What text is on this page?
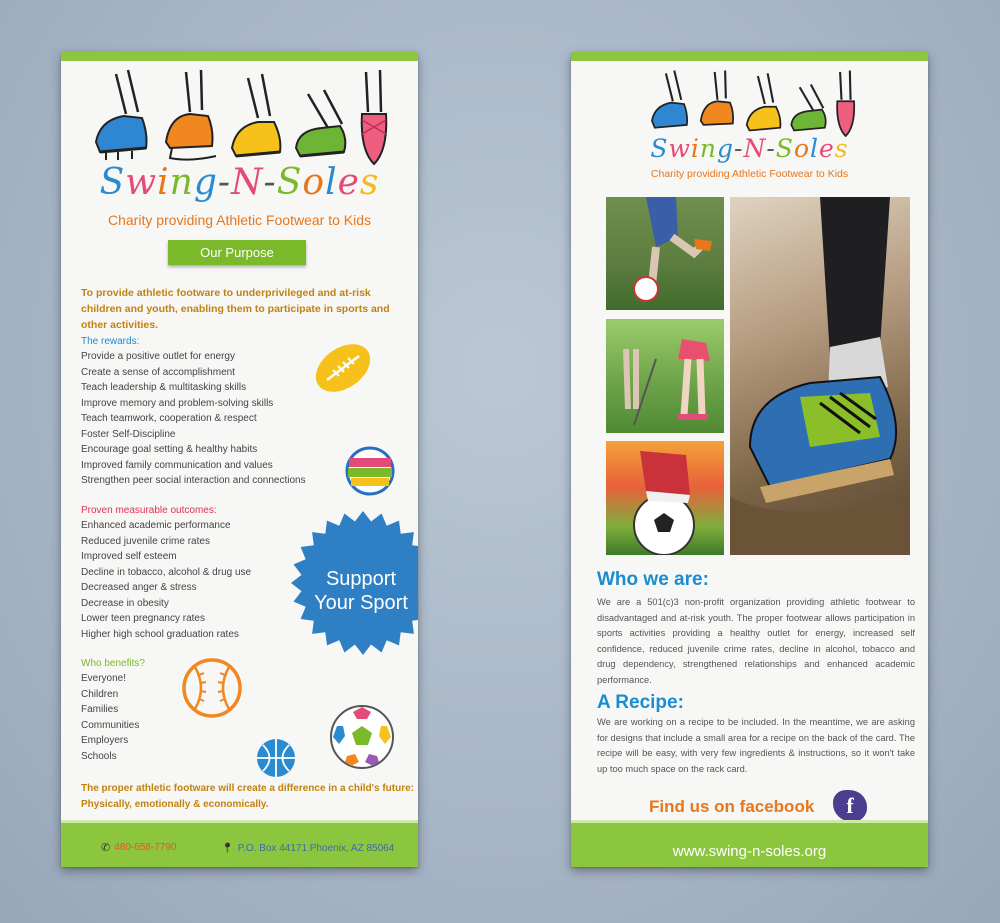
Swing-N-Soles
Charity providing Athletic Footwear to Kids
Our Purpose
To provide athletic footware to underprivileged and at-risk children and youth, enabling them to participate in sports and other activities.
The rewards:
Provide a positive outlet for energy
Create a sense of accomplishment
Teach leadership & multitasking skills
Improve memory and problem-solving skills
Teach teamwork, cooperation & respect
Foster Self-Discipline
Encourage goal setting & healthy habits
Improved family communication and values
Strengthen peer social interaction and connections
Proven measurable outcomes:
Enhanced academic performance
Reduced juvenile crime rates
Improved self esteem
Decline in tobacco, alcohol & drug use
Decreased anger & stress
Decrease in obesity
Lower teen pregnancy rates
Higher high school graduation rates
Who benefits?
Everyone!
Children
Families
Communities
Employers
Schools
Support
Your Sport
The proper athletic footware will create a difference in a child's future: Physically, emotionally & economically.
✆ 480-658-7790	📍︎ P.O. Box 44171 Phoenix, AZ 85064
Swing-N-Soles
Charity providing Athletic Footwear to Kids
Who we are:
We are a 501(c)3 non-profit organization providing athletic footwear to disadvantaged and at-risk youth. The proper footwear allows participation in sports activities providing a healthy outlet for energy, increased self confidence, reduced juvenile crime rates, decline in alcohol, tobacco and drug dependency, strengthened relationships and enhanced academic performance.
A Recipe:
We are working on a recipe to be included. In the meantime, we are asking for designs that include a small area for a recipe on the back of the card. The recipe will be easy, with very few ingredients & instructions, so it won't take up too much space on the rack card.
Find us on facebook	f
www.swing-n-soles.org
